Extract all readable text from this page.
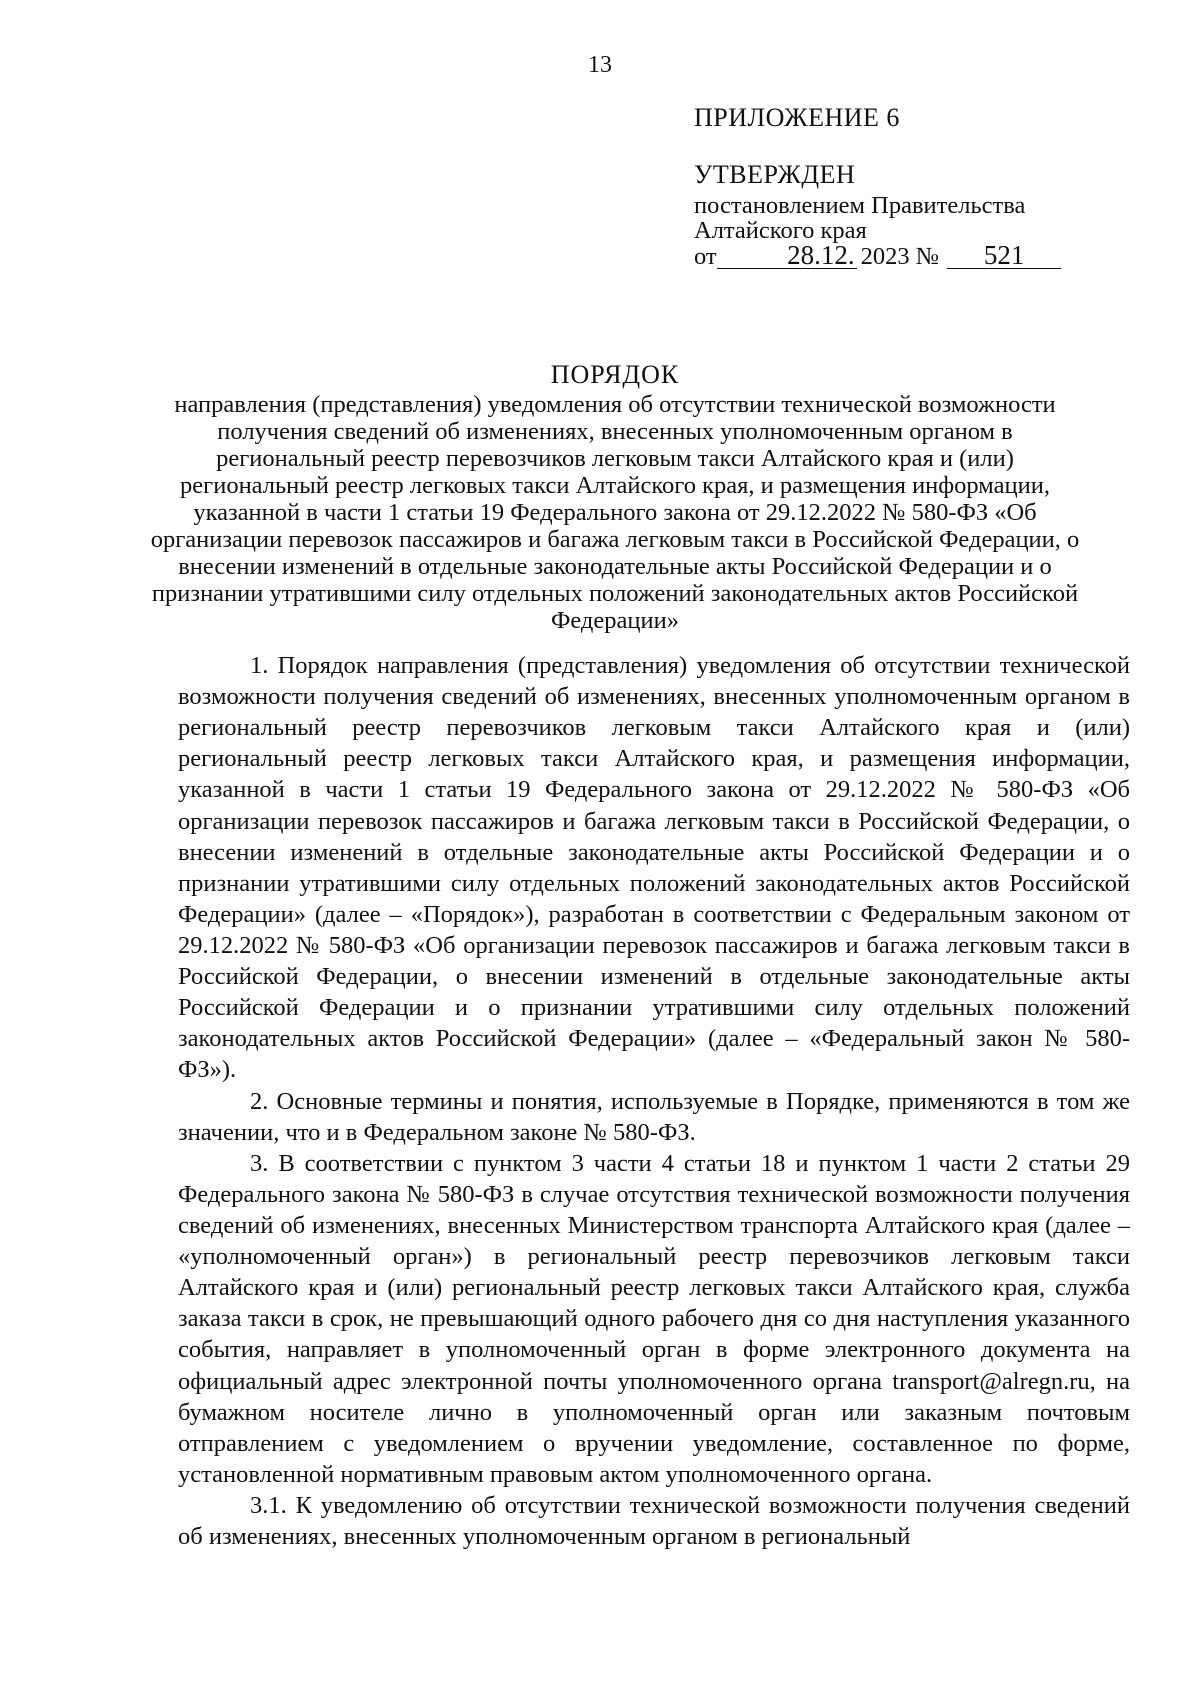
13
ПРИЛОЖЕНИЕ 6
УТВЕРЖДЕН
постановлением Правительства
Алтайского края
от	28.12. 2023 №	521
ПОРЯДОК
направления (представления) уведомления об отсутствии технической возможности получения сведений об изменениях, внесенных уполномоченным органом в региональный реестр перевозчиков легковым такси Алтайского края и (или) региональный реестр легковых такси Алтайского края, и размещения информации, указанной в части 1 статьи 19 Федерального закона от 29.12.2022 № 580-ФЗ «Об организации перевозок пассажиров и багажа легковым такси в Российской Федерации, о внесении изменений в отдельные законодательные акты Российской Федерации и о признании утратившими силу отдельных положений законодательных актов Российской Федерации»

1. Порядок направления (представления) уведомления об отсутствии технической возможности получения сведений об изменениях, внесенных уполномоченным органом в региональный реестр перевозчиков легковым такси Алтайского края и (или) региональный реестр легковых такси Алтайского края, и размещения информации, указанной в части 1 статьи 19 Федерального закона от 29.12.2022 № 580-ФЗ «Об организации перевозок пассажиров и багажа легковым такси в Российской Федерации, о внесении изменений в отдельные законодательные акты Российской Федерации и о признании утратившими силу отдельных положений законодательных актов Российской Федерации» (далее – «Порядок»), разработан в соответствии с Федеральным законом от 29.12.2022 № 580-ФЗ «Об организации перевозок пассажиров и багажа легковым такси в Российской Федерации, о внесении изменений в отдельные законодательные акты Российской Федерации и о признании утратившими силу отдельных положений законодательных актов Российской Федерации» (далее – «Федеральный закон № 580-ФЗ»).

2. Основные термины и понятия, используемые в Порядке, применяются в том же значении, что и в Федеральном законе № 580-ФЗ.

3. В соответствии с пунктом 3 части 4 статьи 18 и пунктом 1 части 2 статьи 29 Федерального закона № 580-ФЗ в случае отсутствия технической возможности получения сведений об изменениях, внесенных Министерством транспорта Алтайского края (далее – «уполномоченный орган») в региональный реестр перевозчиков легковым такси Алтайского края и (или) региональный реестр легковых такси Алтайского края, служба заказа такси в срок, не превышающий одного рабочего дня со дня наступления указанного события, направляет в уполномоченный орган в форме электронного документа на официальный адрес электронной почты уполномоченного органа transport@alregn.ru, на бумажном носителе лично в уполномоченный орган или заказным почтовым отправлением с уведомлением о вручении уведомление, составленное по форме, установленной нормативным правовым актом уполномоченного органа.

3.1. К уведомлению об отсутствии технической возможности получения сведений об изменениях, внесенных уполномоченным органом в региональный
